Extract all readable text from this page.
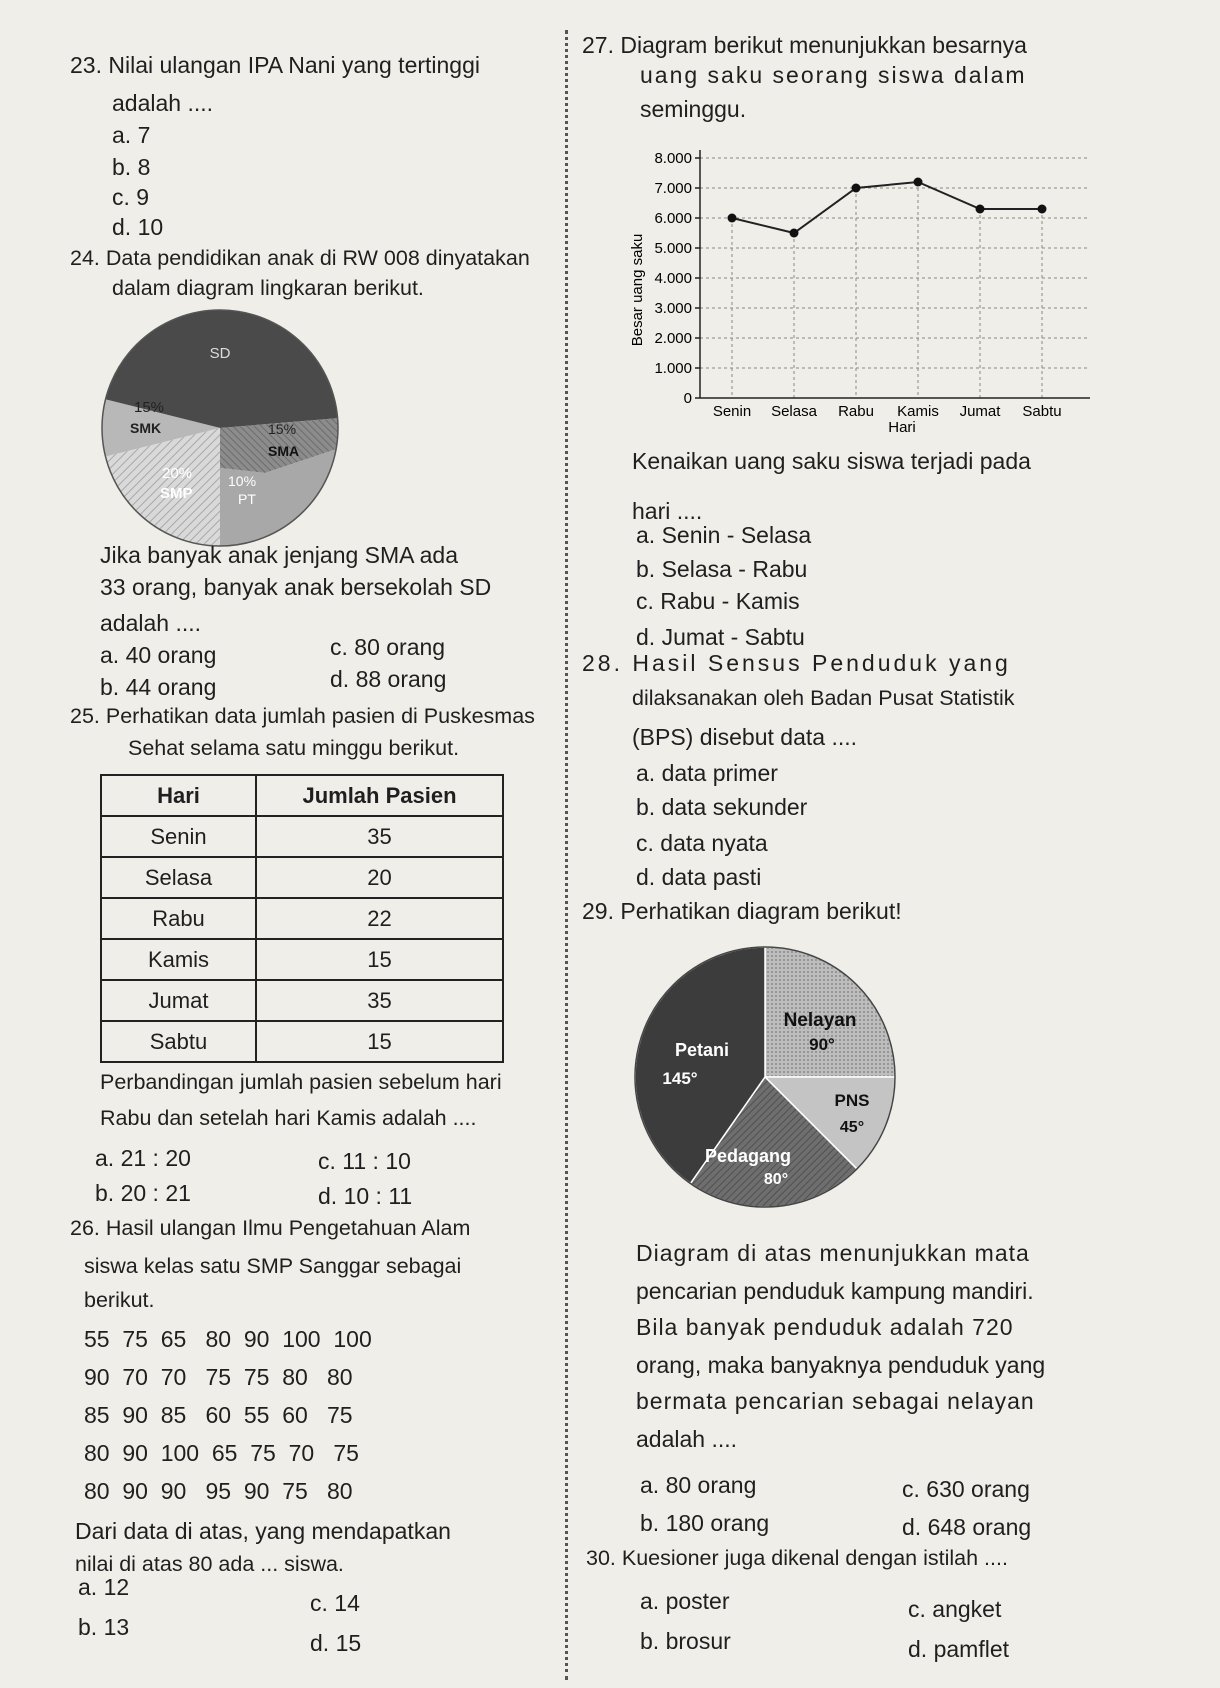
23. Nilai ulangan IPA Nani yang tertinggi
adalah ....
a. 7
b. 8
c. 9
d. 10
24. Data pendidikan anak di RW 008 dinyatakan
dalam diagram lingkaran berikut.
SD
15%
SMK	15%
SMA
20%
SMP
10%
PT
Jika banyak anak jenjang SMA ada
33 orang, banyak anak bersekolah SD
adalah ....
a. 40 orang
b. 44 orang
c. 80 orang
d. 88 orang
25. Perhatikan data jumlah pasien di Puskesmas
Sehat selama satu minggu berikut.
Hari	Jumlah Pasien
Senin	35
Selasa	20
Rabu	22
Kamis	15
Jumat	35
Sabtu	15
Perbandingan jumlah pasien sebelum hari
Rabu dan setelah hari Kamis adalah ....
a. 21 : 20
b. 20 : 21
c. 11 : 10
d. 10 : 11
26. Hasil ulangan Ilmu Pengetahuan Alam
siswa kelas satu SMP Sanggar sebagai
berikut.
55  75  65   80  90  100  100
90  70  70   75  75  80   80
85  90  85   60  55  60   75
80  90  100  65  75  70   75
80  90  90   95  90  75   80
Dari data di atas, yang mendapatkan
nilai di atas 80 ada ... siswa.
a. 12
b. 13
c. 14
d. 15
27. Diagram berikut menunjukkan besarnya
uang saku seorang siswa dalam
seminggu.
0
1.000
2.000
3.000
4.000
5.000
6.000
7.000
8.000
Senin Selasa Rabu Kamis Jumat Sabtu
Hari
Besar uang saku
Kenaikan uang saku siswa terjadi pada
hari ....
a. Senin - Selasa
b. Selasa - Rabu
c. Rabu - Kamis
d. Jumat - Sabtu
28. Hasil Sensus Penduduk yang
dilaksanakan oleh Badan Pusat Statistik
(BPS) disebut data ....
a. data primer
b. data sekunder
c. data nyata
d. data pasti
29. Perhatikan diagram berikut!
Nelayan
90°
PNS
45°
Pedagang
80°
Petani
145°
Diagram di atas menunjukkan mata
pencarian penduduk kampung mandiri.
Bila banyak penduduk adalah 720
orang, maka banyaknya penduduk yang
bermata pencarian sebagai nelayan
adalah ....
a. 80 orang
b. 180 orang
c. 630 orang
d. 648 orang
30. Kuesioner juga dikenal dengan istilah ....
a. poster
b. brosur
c. angket
d. pamflet
